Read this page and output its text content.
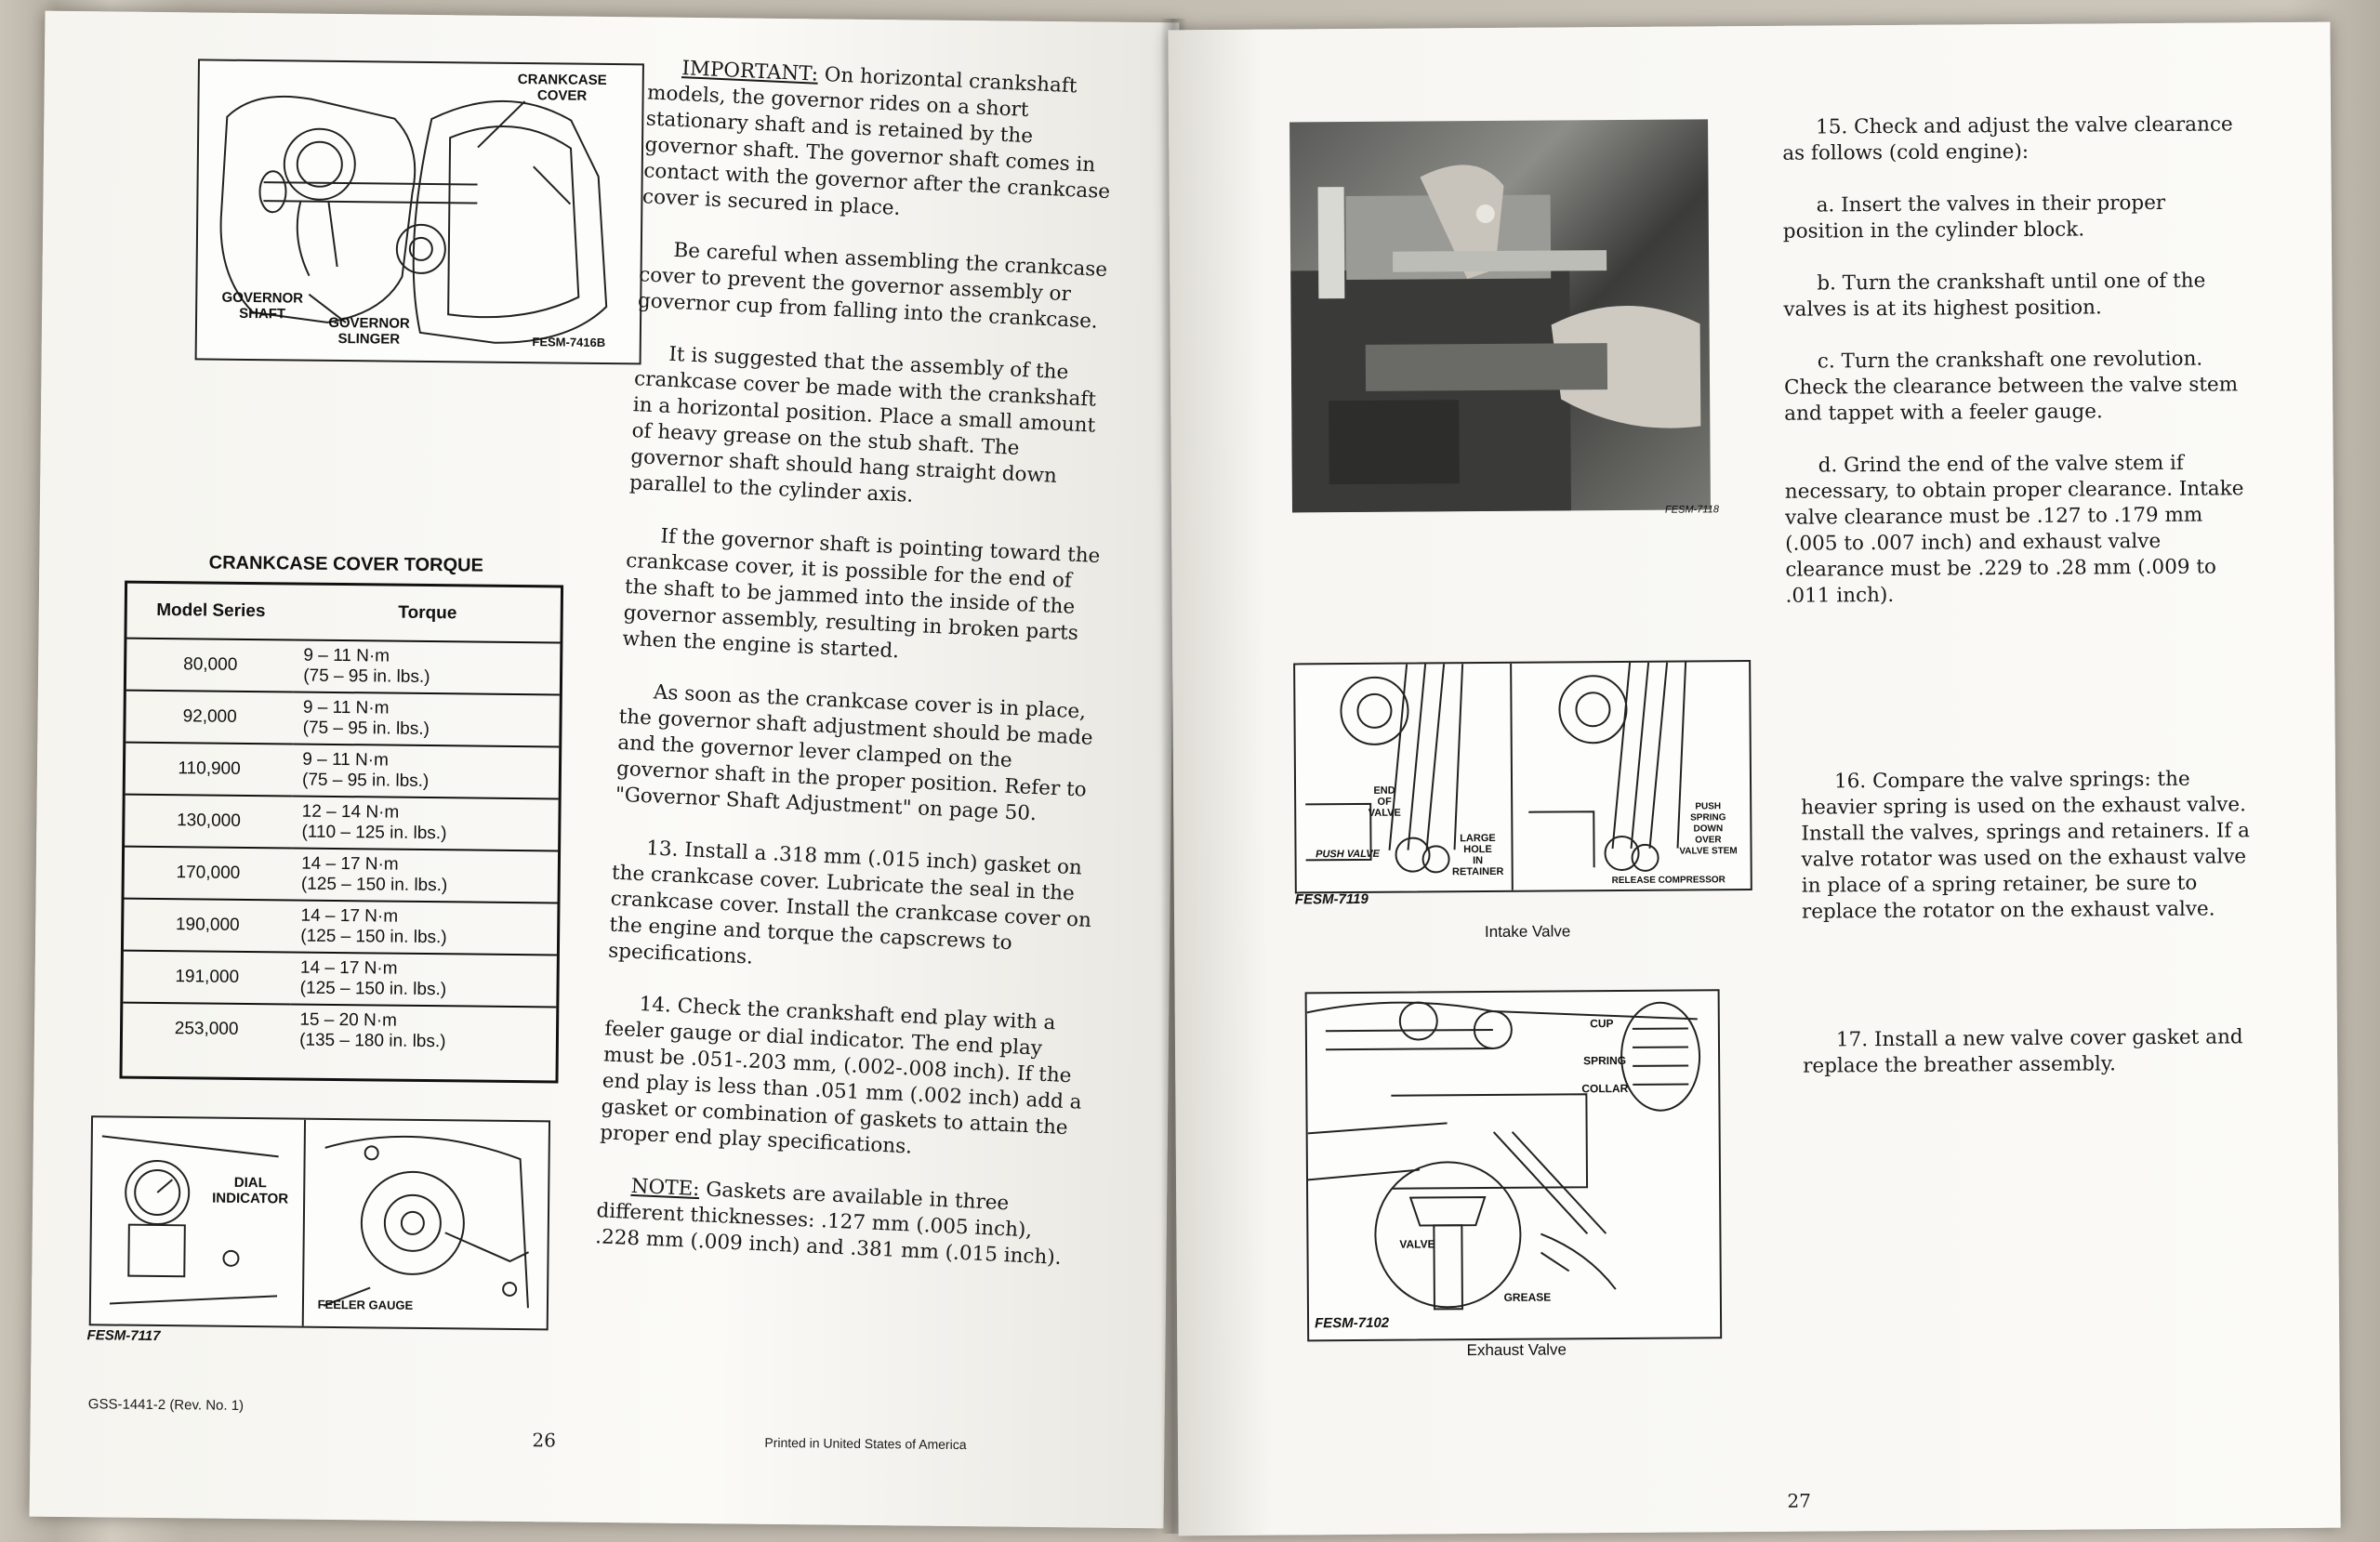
CRANKCASE
COVER
GOVERNOR
SHAFT
GOVERNOR
SLINGER	FESM-7416B
CRANKCASE COVER TORQUE
Model Series	Torque
80,000	9 – 11 N·m
(75 – 95 in. lbs.)
92,000	9 – 11 N·m
(75 – 95 in. lbs.)
110,900	9 – 11 N·m
(75 – 95 in. lbs.)
130,000	12 – 14 N·m
(110 – 125 in. lbs.)
170,000	14 – 17 N·m
(125 – 150 in. lbs.)
190,000	14 – 17 N·m
(125 – 150 in. lbs.)
191,000	14 – 17 N·m
(125 – 150 in. lbs.)
253,000	15 – 20 N·m
(135 – 180 in. lbs.)
DIAL
INDICATOR
FEELER GAUGE
FESM-7117

IMPORTANT: On horizontal crankshaft models, the governor rides on a short stationary shaft and is retained by the governor shaft. The governor shaft comes in contact with the governor after the crankcase cover is secured in place.

Be careful when assembling the crankcase cover to prevent the governor assembly or governor cup from falling into the crankcase.

It is suggested that the assembly of the crankcase cover be made with the crankshaft in a horizontal position. Place a small amount of heavy grease on the stub shaft. The governor shaft should hang straight down parallel to the cylinder axis.

If the governor shaft is pointing toward the crankcase cover, it is possible for the end of the shaft to be jammed into the inside of the governor assembly, resulting in broken parts when the engine is started.

As soon as the crankcase cover is in place, the governor shaft adjustment should be made and the governor lever clamped on the governor shaft in the proper position. Refer to "Governor Shaft Adjustment" on page 50.

13. Install a .318 mm (.015 inch) gasket on the crankcase cover. Lubricate the seal in the crankcase cover. Install the crankcase cover on the engine and torque the capscrews to specifications.

14. Check the crankshaft end play with a feeler gauge or dial indicator. The end play must be .051-.203 mm, (.002-.008 inch). If the end play is less than .051 mm (.002 inch) add a gasket or combination of gaskets to attain the proper end play specifications.

NOTE: Gaskets are available in three different thicknesses: .127 mm (.005 inch), .228 mm (.009 inch) and .381 mm (.015 inch).

GSS-1441-2 (Rev. No. 1)
26	Printed in United States of America
FESM-7118
END
OF
VALVE
PUSH VALVE
LARGE
HOLE
IN
RETAINER
PUSH
SPRING
DOWN
OVER
VALVE STEM
RELEASE COMPRESSOR
FESM-7119
Intake Valve
CUP
SPRING
COLLAR
VALVE
GREASE
FESM-7102
Exhaust Valve

15. Check and adjust the valve clearance as follows (cold engine):

a. Insert the valves in their proper position in the cylinder block.

b. Turn the crankshaft until one of the valves is at its highest position.

c. Turn the crankshaft one revolution. Check the clearance between the valve stem and tappet with a feeler gauge.

d. Grind the end of the valve stem if necessary, to obtain proper clearance. Intake valve clearance must be .127 to .179 mm (.005 to .007 inch) and exhaust valve clearance must be .229 to .28 mm (.009 to .011 inch).

16. Compare the valve springs: the heavier spring is used on the exhaust valve. Install the valves, springs and retainers. If a valve rotator was used on the exhaust valve in place of a spring retainer, be sure to replace the rotator on the exhaust valve.

17. Install a new valve cover gasket and replace the breather assembly.

27
